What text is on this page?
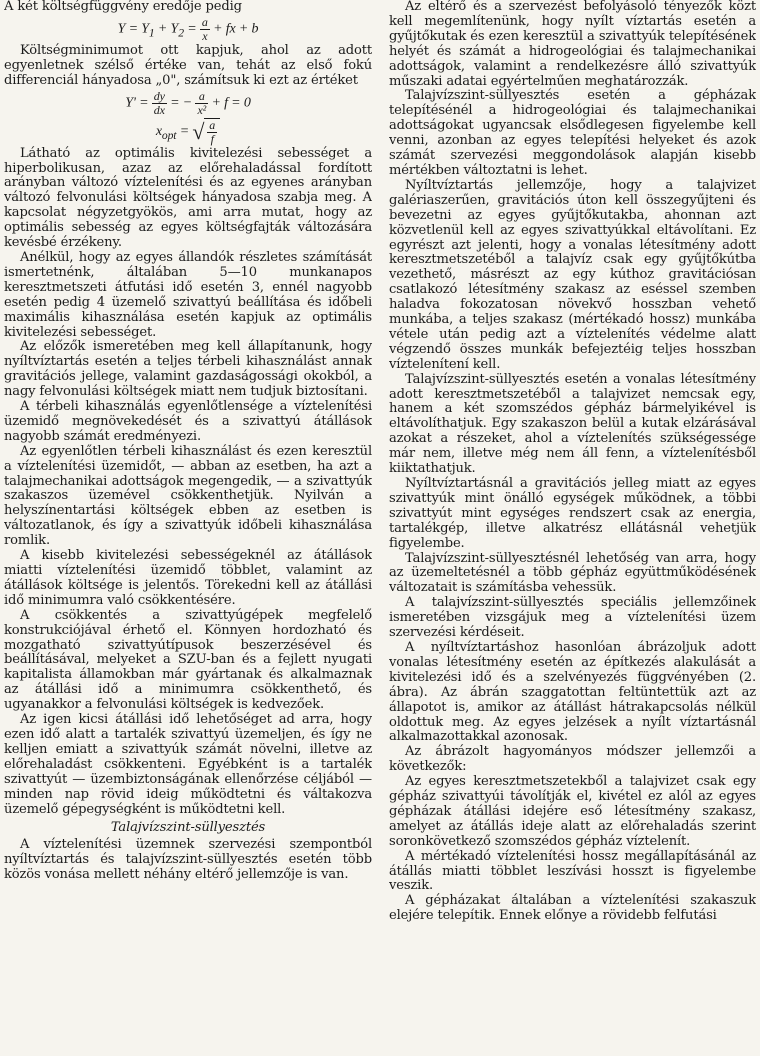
A két költségfüggvény eredője pedig

$Y = Y_1 + Y_2 = \frac{a}{x}$ + fx + b

Költségminimumot ott kapjuk, ahol az adott egyenletnek szélső értéke van, tehát az első fokú differenciál hányadosa „0", számítsuk ki ezt az értéket

$Y' = \frac{dy}{dx}$ = − $\frac{a}{\text{x²}} + f = 0$
$x_{opt}$ = √ $\frac{a}{f}$

Látható az optimális kivitelezési sebességet a hiperbolikusan, azaz az előrehaladással fordított arányban változó víztelenítési és az egyenes arányban változó felvonulási költségek hányadosa szabja meg. A kapcsolat négyzetgyökös, ami arra mutat, hogy az optimális sebesség az egyes költségfajták változására kevésbé érzékeny.

Anélkül, hogy az egyes állandók részletes számítását ismertetnénk, általában 5—10 munkanapos keresztmetszeti átfutási idő esetén 3, ennél nagyobb esetén pedig 4 üzemelő szivattyú beállítása és időbeli maximális kihasználása esetén kapjuk az optimális kivitelezési sebességet.

Az előzők ismeretében meg kell állapítanunk, hogy nyíltvíztartás esetén a teljes térbeli kihasználást annak gravitációs jellege, valamint gazdaságossági okokból, a nagy felvonulási költségek miatt nem tudjuk biztosítani.

A térbeli kihasználás egyenlőtlensége a víztelenítési üzemidő megnövekedését és a szivattyú átállások nagyobb számát eredményezi.

Az egyenlőtlen térbeli kihasználást és ezen keresztül a víztelenítési üzemidőt, — abban az esetben, ha azt a talajmechanikai adottságok megengedik, — a szivattyúk szakaszos üzemével csökkenthetjük. Nyilván a helyszínentartási költségek ebben az esetben is változatlanok, és így a szivattyúk időbeli kihasználása romlik.

A kisebb kivitelezési sebességeknél az átállások miatti víztelenítési üzemidő többlet, valamint az átállások költsége is jelentős. Törekedni kell az átállási idő minimumra való csökkentésére.

A csökkentés a szivattyúgépek megfelelő konstrukciójával érhető el. Könnyen hordozható és mozgatható szivattyútípusok beszerzésével és beállításával, melyeket a SZU-ban és a fejlett nyugati kapitalista államokban már gyártanak és alkalmaznak az átállási idő a minimumra csökkenthető, és ugyanakkor a felvonulási költségek is kedvezőek.

Az igen kicsi átállási idő lehetőséget ad arra, hogy ezen idő alatt a tartalék szivattyú üzemeljen, és így ne kelljen emiatt a szivattyúk számát növelni, illetve az előrehaladást csökkenteni. Egyébként is a tartalék szivattyút — üzembiztonságának ellenőrzése céljából — minden nap rövid ideig működtetni és váltakozva üzemelő gépegységként is működtetni kell.

Talajvízszint-süllyesztés

A víztelenítési üzemnek szervezési szempontból nyíltvíztartás és talajvízszint-süllyesztés esetén több közös vonása mellett néhány eltérő jellemzője is van.

Az eltérő és a szervezést befolyásoló tényezők közt kell megemlítenünk, hogy nyílt víztartás esetén a gyűjtőkutak és ezen keresztül a szivattyúk telepítésének helyét és számát a hidrogeológiai és talajmechanikai adottságok, valamint a rendelkezésre álló szivattyúk műszaki adatai egyértelműen meghatározzák.

Talajvízszint-süllyesztés esetén a gépházak telepítésénél a hidrogeológiai és talajmechanikai adottságokat ugyancsak elsődlegesen figyelembe kell venni, azonban az egyes telepítési helyeket és azok számát szervezési meggondolások alapján kisebb mértékben változtatni is lehet.

Nyíltvíztartás jellemzője, hogy a talajvizet galériaszerűen, gravitációs úton kell összegyűjteni és bevezetni az egyes gyűjtőkutakba, ahonnan azt közvetlenül kell az egyes szivattyúkkal eltávolítani. Ez egyrészt azt jelenti, hogy a vonalas létesítmény adott keresztmetszetéből a talajvíz csak egy gyűjtőkútba vezethető, másrészt az egy kúthoz gravitációsan csatlakozó létesítmény szakasz az eséssel szemben haladva fokozatosan növekvő hosszban vehető munkába, a teljes szakasz (mértékadó hossz) munkába vétele után pedig azt a víztelenítés védelme alatt végzendő összes munkák befejeztéig teljes hosszban víztelenítení kell.

Talajvízszint-süllyesztés esetén a vonalas létesítmény adott keresztmetszetéből a talajvizet nemcsak egy, hanem a két szomszédos gépház bármelyikével is eltávolíthatjuk. Egy szakaszon belül a kutak elzárásával azokat a részeket, ahol a víztelenítés szükségessége már nem, illetve még nem áll fenn, a víztelenítésből kiiktathatjuk.

Nyíltvíztartásnál a gravitációs jelleg miatt az egyes szivattyúk mint önálló egységek működnek, a többi szivattyút mint egységes rendszert csak az energia, tartalékgép, illetve alkatrész ellátásnál vehetjük figyelembe.

Talajvízszint-süllyesztésnél lehetőség van arra, hogy az üzemeltetésnél a több gépház együttműködésének változatait is számításba vehessük.

A talajvízszint-süllyesztés speciális jellemzőinek ismeretében vizsgájuk meg a víztelenítési üzem szervezési kérdéseit.

A nyíltvíztartáshoz hasonlóan ábrázoljuk adott vonalas létesítmény esetén az építkezés alakulását a kivitelezési idő és a szelvényezés függvényében (2. ábra). Az ábrán szaggatottan feltüntettük azt az állapotot is, amikor az átállást hátrakapcsolás nélkül oldottuk meg. Az egyes jelzések a nyílt víztartásnál alkalmazottakkal azonosak.

Az ábrázolt hagyományos módszer jellemzői a következők:

Az egyes keresztmetszetekből a talajvizet csak egy gépház szivattyúi távolítják el, kivétel ez alól az egyes gépházak átállási idejére eső létesítmény szakasz, amelyet az átállás ideje alatt az előrehaladás szerint soronkövetkező szomszédos gépház víztelenít.

A mértékadó víztelenítési hossz megállapításánál az átállás miatti többlet leszívási hosszt is figyelembe veszik.

A gépházakat általában a víztelenítési szakaszuk elejére telepítik. Ennek előnye a rövidebb felfutási
